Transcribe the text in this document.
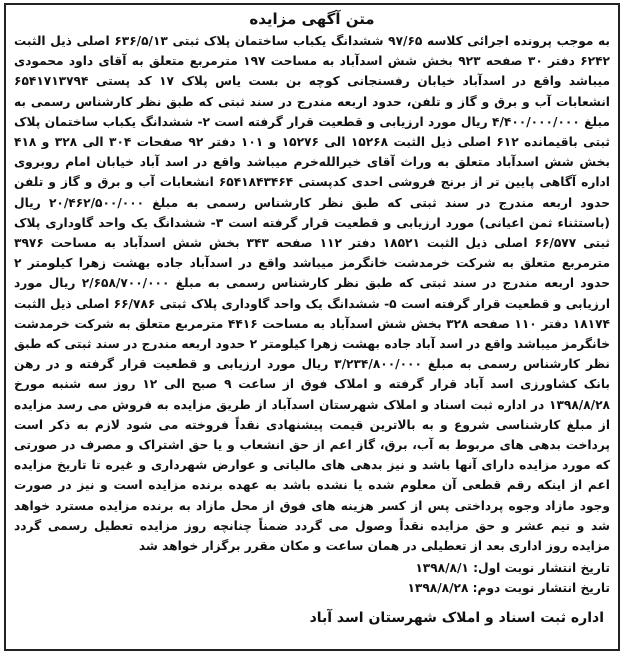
متن آگهی مزایده
به موجب پرونده اجرائی کلاسه ۹۷/۶۵ ششدانگ یکباب ساختمان پلاک ثبتی ۶۳۶/۵/۱۳ اصلی ذیل الثبت ۶۲۴۲ دفتر ۳۰ صفحه ۹۲۳ بخش شش اسدآباد به مساحت ۱۹۷ مترمربع متعلق به آقای داود محمودی میباشد واقع در اسدآباد خیابان رفسنجانی کوچه بن بست یاس پلاک ۱۷ کد پستی ۶۵۴۱۷۱۳۷۹۴ انشعابات آب و برق و گاز و تلفن، حدود اربعه مندرج در سند ثبتی که طبق نظر کارشناس رسمی به مبلغ ۴/۴۰۰/۰۰۰/۰۰۰ ریال مورد ارزیابی و قطعیت قرار گرفته است ۲- ششدانگ یکباب ساختمان پلاک ثبتی باقیمانده ۶۱۲ اصلی ذیل الثبت ۱۵۲۶۸ الی ۱۵۲۷۶ و ۱۰۱ دفتر ۹۲ صفحات ۳۰۴ الی ۳۲۸ و ۴۱۸ بخش شش اسدآباد متعلق به وراث آقای خیرالله‌خرم میباشد واقع در اسد آباد خیابان امام روبروی اداره آگاهی پایین تر از برنج فروشی احدی کدپستی ۶۵۴۱۸۴۳۴۶۴ انشعابات آب و برق و گاز و تلفن حدود اربعه مندرج در سند ثبتی که طبق نظر کارشناس رسمی به مبلغ ۲۰/۴۶۲/۵۰۰/۰۰۰ ریال (باستثناء ثمن اعیانی) مورد ارزیابی و قطعیت قرار گرفته است ۳- ششدانگ یک واحد گاوداری پلاک ثبتی ۶۶/۵۷۷ اصلی ذیل الثبت ۱۸۵۲۱ دفتر ۱۱۲ صفحه ۳۴۳ بخش شش اسدآباد به مساحت ۳۹۷۶ مترمربع متعلق به شرکت خرمدشت خانگرمز میباشد واقع در اسدآباد جاده بهشت زهرا کیلومتر ۲ حدود اربعه مندرج در سند ثبتی که طبق نظر کارشناس رسمی به مبلغ ۲/۶۵۸/۷۰۰/۰۰۰ ریال مورد ارزیابی و قطعیت قرار گرفته است ۵- ششدانگ یک واحد گاوداری پلاک ثبتی ۶۶/۷۸۶ اصلی ذیل الثبت ۱۸۱۷۴ دفتر ۱۱۰ صفحه ۳۲۸ بخش شش اسدآباد به مساحت ۴۴۱۶ مترمربع متعلق به شرکت خرمدشت خانگرمز میباشد واقع در اسد آباد جاده بهشت زهرا کیلومتر ۲ حدود اربعه مندرج در سند ثبتی که طبق نظر کارشناس رسمی به مبلغ ۳/۲۳۴/۸۰۰/۰۰۰ ریال مورد ارزیابی و قطعیت قرار گرفته و در رهن بانک کشاورزی اسد آباد قرار گرفته و املاک فوق از ساعت ۹ صبح الی ۱۲ روز سه شنبه مورخ ۱۳۹۸/۸/۲۸ در اداره ثبت اسناد و املاک شهرستان اسدآباد از طریق مزایده به فروش می رسد مزایده از مبلغ کارشناسی شروع و به بالاترین قیمت پیشنهادی نقداً فروخته می شود لازم به ذکر است پرداخت بدهی های مربوط به آب، برق، گاز اعم از حق انشعاب و یا حق اشتراک و مصرف در صورتی که مورد مزایده دارای آنها باشد و نیز بدهی های مالیاتی و عوارض شهرداری و غیره تا تاریخ مزایده اعم از اینکه رقم قطعی آن معلوم شده یا نشده باشد به عهده برنده مزایده است و نیز در صورت وجود مازاد وجوه پرداختی پس از کسر هزینه های فوق از محل مازاد به برنده مزایده مسترد خواهد شد و نیم عشر و حق مزایده نقداً وصول می گردد ضمناً چنانچه روز مزایده تعطیل رسمی گردد مزایده روز اداری بعد از تعطیلی در همان ساعت و مکان مقرر برگزار خواهد شد
تاریخ انتشار نوبت اول: ۱۳۹۸/۸/۱
تاریخ انتشار نوبت دوم: ۱۳۹۸/۸/۲۸
اداره ثبت اسناد و املاک شهرستان اسد آباد
